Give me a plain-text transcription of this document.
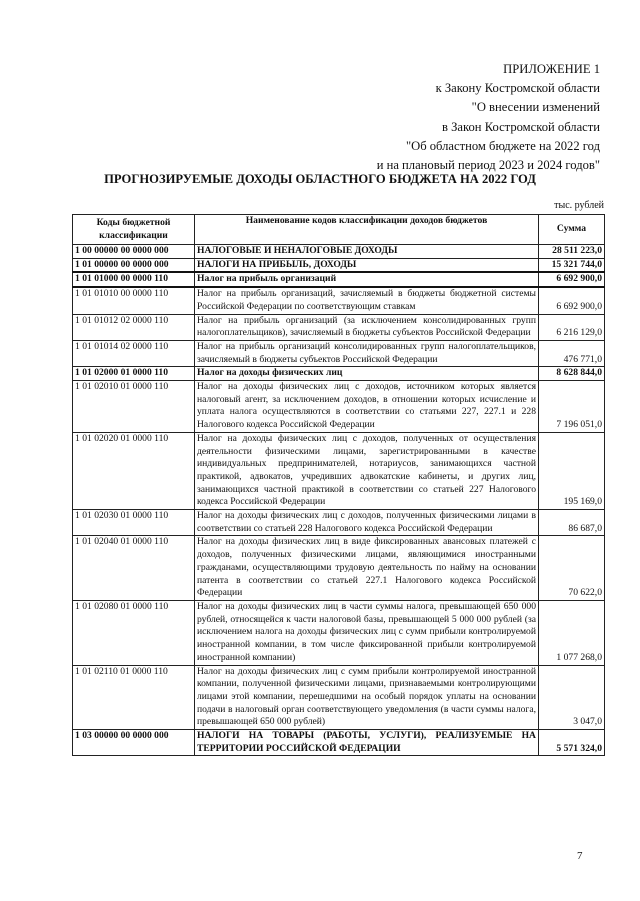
ПРИЛОЖЕНИЕ 1
к Закону Костромской области
"О внесении изменений
в Закон Костромской области
"Об областном бюджете на 2022 год
и на плановый период 2023 и 2024 годов"
ПРОГНОЗИРУЕМЫЕ ДОХОДЫ ОБЛАСТНОГО БЮДЖЕТА НА 2022 ГОД
тыс. рублей
Коды бюджетной классификации	Наименование кодов классификации доходов бюджетов	Сумма
1 00 00000 00 0000 000	НАЛОГОВЫЕ И НЕНАЛОГОВЫЕ ДОХОДЫ	28 511 223,0
1 01 00000 00 0000 000	НАЛОГИ НА ПРИБЫЛЬ, ДОХОДЫ	15 321 744,0
1 01 01000 00 0000 110	Налог на прибыль организаций	6 692 900,0
1 01 01010 00 0000 110	Налог на прибыль организаций, зачисляемый в бюджеты бюджетной системы Российской Федерации по соответствующим ставкам	6 692 900,0
1 01 01012 02 0000 110	Налог на прибыль организаций (за исключением консолидированных групп налогоплательщиков), зачисляемый в бюджеты субъектов Российской Федерации	6 216 129,0
1 01 01014 02 0000 110	Налог на прибыль организаций консолидированных групп налогоплательщиков, зачисляемый в бюджеты субъектов Российской Федерации	476 771,0
1 01 02000 01 0000 110	Налог на доходы физических лиц	8 628 844,0
1 01 02010 01 0000 110	Налог на доходы физических лиц с доходов, источником которых является налоговый агент, за исключением доходов, в отношении которых исчисление и уплата налога осуществляются в соответствии со статьями 227, 227.1 и 228 Налогового кодекса Российской Федерации	7 196 051,0
1 01 02020 01 0000 110	Налог на доходы физических лиц с доходов, полученных от осуществления деятельности физическими лицами, зарегистрированными в качестве индивидуальных предпринимателей, нотариусов, занимающихся частной практикой, адвокатов, учредивших адвокатские кабинеты, и других лиц, занимающихся частной практикой в соответствии со статьей 227 Налогового кодекса Российской Федерации	195 169,0
1 01 02030 01 0000 110	Налог на доходы физических лиц с доходов, полученных физическими лицами в соответствии со статьей 228 Налогового кодекса Российской Федерации	86 687,0
1 01 02040 01 0000 110	Налог на доходы физических лиц в виде фиксированных авансовых платежей с доходов, полученных физическими лицами, являющимися иностранными гражданами, осуществляющими трудовую деятельность по найму на основании патента в соответствии со статьей 227.1 Налогового кодекса Российской Федерации	70 622,0
1 01 02080 01 0000 110	Налог на доходы физических лиц в части суммы налога, превышающей 650 000 рублей, относящейся к части налоговой базы, превышающей 5 000 000 рублей (за исключением налога на доходы физических лиц с сумм прибыли контролируемой иностранной компании, в том числе фиксированной прибыли контролируемой иностранной компании)	1 077 268,0
1 01 02110 01 0000 110	Налог на доходы физических лиц с сумм прибыли контролируемой иностранной компании, полученной физическими лицами, признаваемыми контролирующими лицами этой компании, перешедшими на особый порядок уплаты на основании подачи в налоговый орган соответствующего уведомления (в части суммы налога, превышающей 650 000 рублей)	3 047,0
1 03 00000 00 0000 000	НАЛОГИ НА ТОВАРЫ (РАБОТЫ, УСЛУГИ), РЕАЛИЗУЕМЫЕ НА ТЕРРИТОРИИ РОССИЙСКОЙ ФЕДЕРАЦИИ	5 571 324,0
7
